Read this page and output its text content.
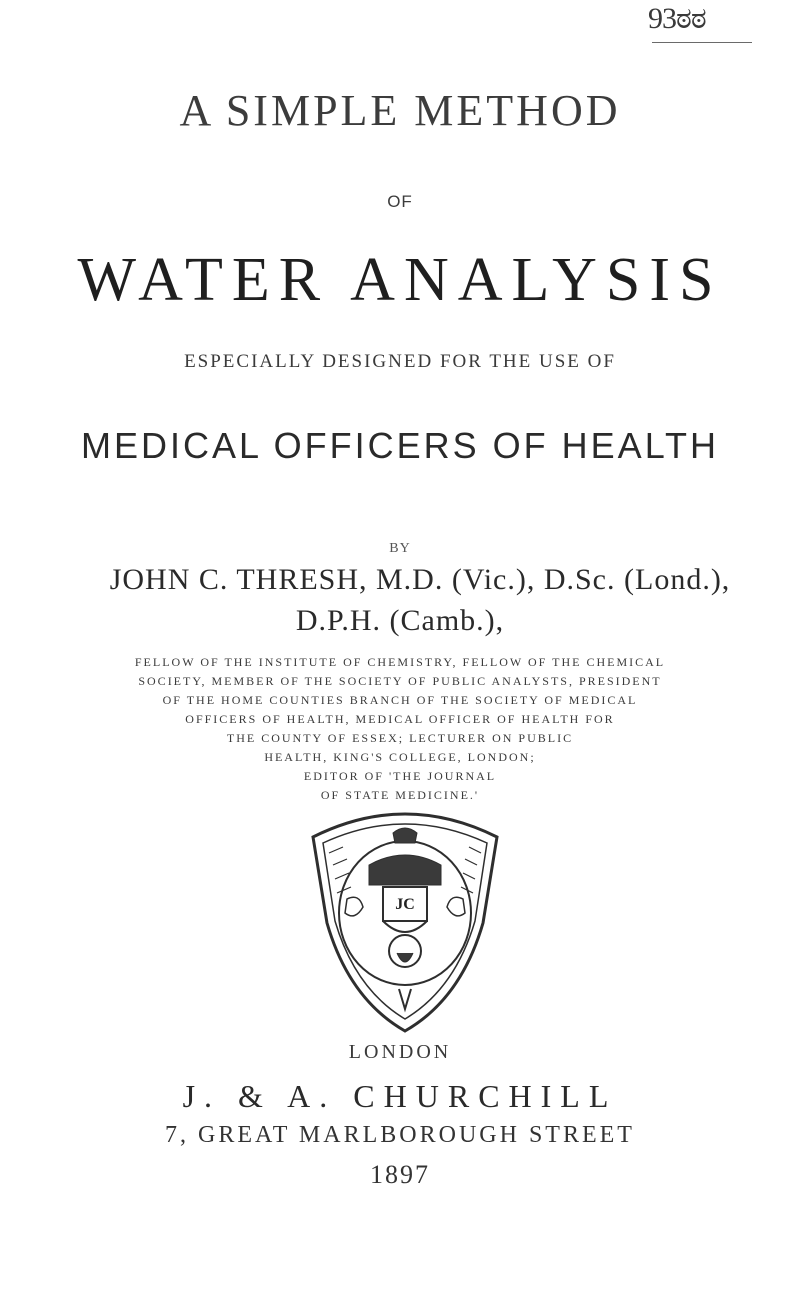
93ಠಠ
A SIMPLE METHOD
OF
WATER ANALYSIS
ESPECIALLY DESIGNED FOR THE USE OF
MEDICAL OFFICERS OF HEALTH
BY
JOHN C. THRESH, M.D. (Vic.), D.Sc. (Lond.),
D.P.H. (Camb.),
FELLOW OF THE INSTITUTE OF CHEMISTRY, FELLOW OF THE CHEMICAL
SOCIETY, MEMBER OF THE SOCIETY OF PUBLIC ANALYSTS, PRESIDENT
OF THE HOME COUNTIES BRANCH OF THE SOCIETY OF MEDICAL
OFFICERS OF HEALTH, MEDICAL OFFICER OF HEALTH FOR
THE COUNTY OF ESSEX; LECTURER ON PUBLIC
HEALTH, KING'S COLLEGE, LONDON;
EDITOR OF 'THE JOURNAL
OF STATE MEDICINE.'
JC
LONDON
J. & A. CHURCHILL
7, GREAT MARLBOROUGH STREET
1897
